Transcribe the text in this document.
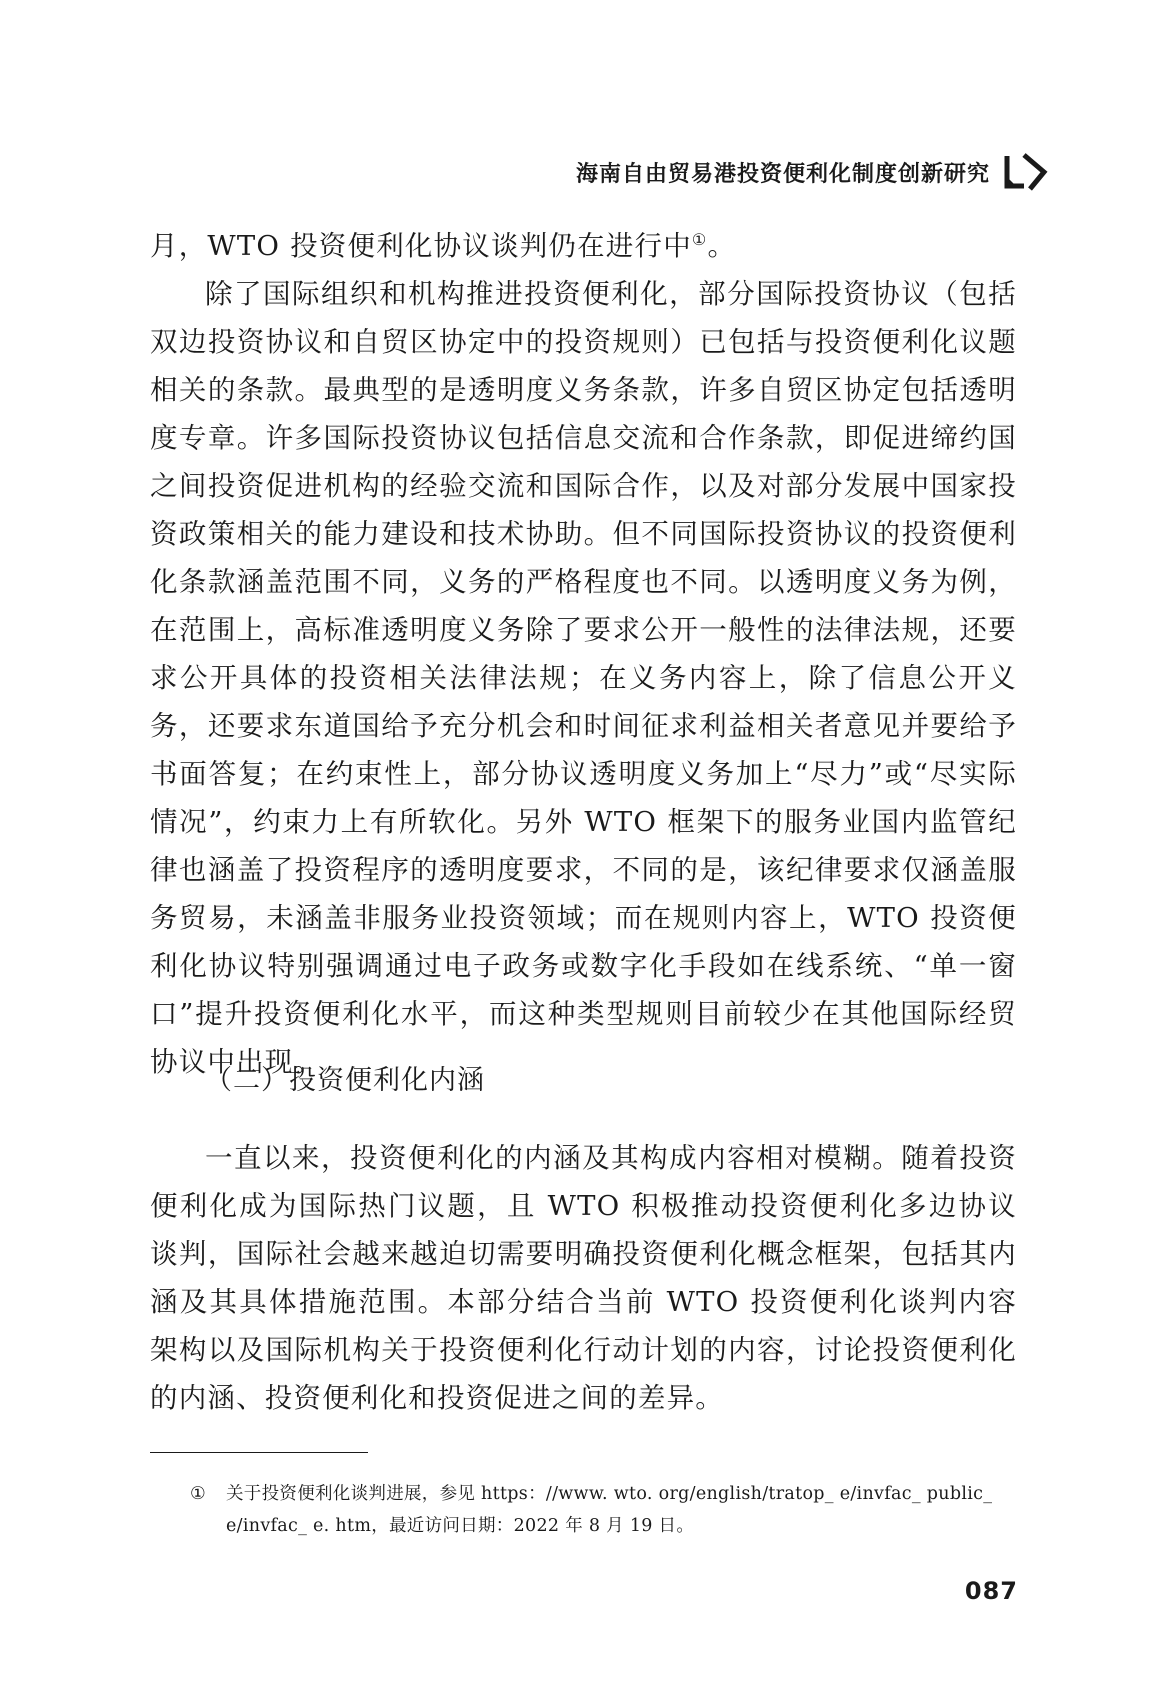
海南自由贸易港投资便利化制度创新研究
月，WTO 投资便利化协议谈判仍在进行中①。
除了国际组织和机构推进投资便利化，部分国际投资协议（包括双边投资协议和自贸区协定中的投资规则）已包括与投资便利化议题相关的条款。最典型的是透明度义务条款，许多自贸区协定包括透明度专章。许多国际投资协议包括信息交流和合作条款，即促进缔约国之间投资促进机构的经验交流和国际合作，以及对部分发展中国家投资政策相关的能力建设和技术协助。但不同国际投资协议的投资便利化条款涵盖范围不同，义务的严格程度也不同。以透明度义务为例，在范围上，高标准透明度义务除了要求公开一般性的法律法规，还要求公开具体的投资相关法律法规；在义务内容上，除了信息公开义务，还要求东道国给予充分机会和时间征求利益相关者意见并要给予书面答复；在约束性上，部分协议透明度义务加上“尽力”或“尽实际情况”，约束力上有所软化。另外 WTO 框架下的服务业国内监管纪律也涵盖了投资程序的透明度要求，不同的是，该纪律要求仅涵盖服务贸易，未涵盖非服务业投资领域；而在规则内容上，WTO 投资便利化协议特别强调通过电子政务或数字化手段如在线系统、“单一窗口”提升投资便利化水平，而这种类型规则目前较少在其他国际经贸协议中出现。
（二）投资便利化内涵
一直以来，投资便利化的内涵及其构成内容相对模糊。随着投资便利化成为国际热门议题，且 WTO 积极推动投资便利化多边协议谈判，国际社会越来越迫切需要明确投资便利化概念框架，包括其内涵及其具体措施范围。本部分结合当前 WTO 投资便利化谈判内容架构以及国际机构关于投资便利化行动计划的内容，讨论投资便利化的内涵、投资便利化和投资促进之间的差异。
①	关于投资便利化谈判进展，参见 https：//www. wto. org/english/tratop_ e/invfac_ public_ e/invfac_ e. htm，最近访问日期：2022 年 8 月 19 日。
087
